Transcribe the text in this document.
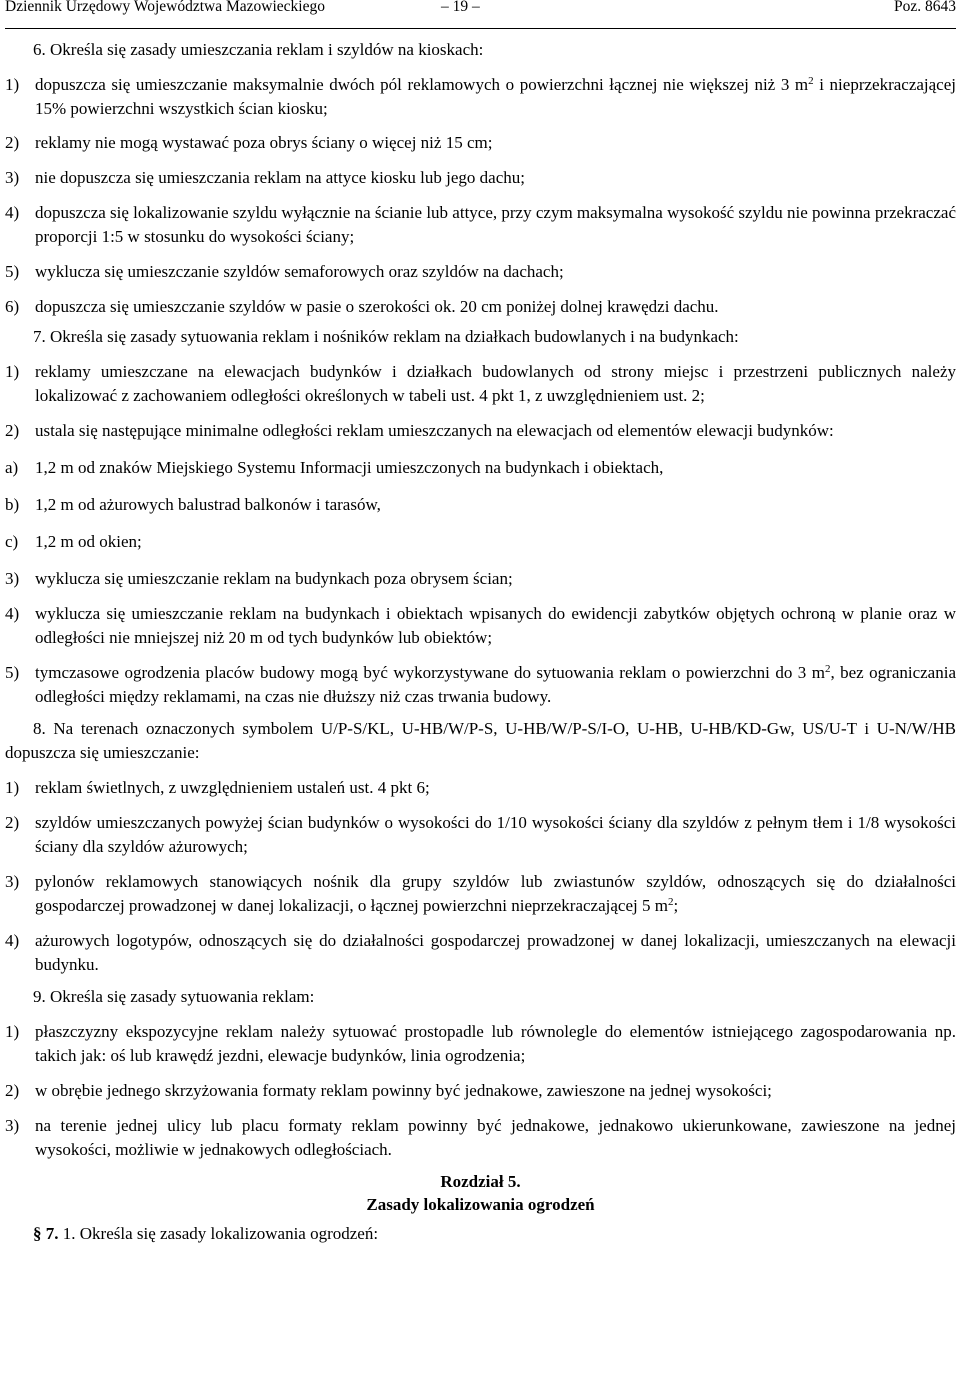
Dziennik Urzędowy Województwa Mazowieckiego	– 19 –	Poz. 8643

6. Określa się zasady umieszczania reklam i szyldów na kioskach:

1) dopuszcza się umieszczanie maksymalnie dwóch pól reklamowych o powierzchni łącznej nie większej niż 3 $m^2$ i nieprzekraczającej 15% powierzchni wszystkich ścian kiosku;
2) reklamy nie mogą wystawać poza obrys ściany o więcej niż 15 cm;
3) nie dopuszcza się umieszczania reklam na attyce kiosku lub jego dachu;
4) dopuszcza się lokalizowanie szyldu wyłącznie na ścianie lub attyce, przy czym maksymalna wysokość szyldu nie powinna przekraczać proporcji 1:5 w stosunku do wysokości ściany;
5) wyklucza się umieszczanie szyldów semaforowych oraz szyldów na dachach;
6) dopuszcza się umieszczanie szyldów w pasie o szerokości ok. 20 cm poniżej dolnej krawędzi dachu.

7. Określa się zasady sytuowania reklam i nośników reklam na działkach budowlanych i na budynkach:

1) reklamy umieszczane na elewacjach budynków i działkach budowlanych od strony miejsc i przestrzeni publicznych należy lokalizować z zachowaniem odległości określonych w tabeli ust. 4 pkt 1, z uwzględnieniem ust. 2;
2) ustala się następujące minimalne odległości reklam umieszczanych na elewacjach od elementów elewacji budynków:
a) 1,2 m od znaków Miejskiego Systemu Informacji umieszczonych na budynkach i obiektach,
b) 1,2 m od ażurowych balustrad balkonów i tarasów,
c) 1,2 m od okien;
3) wyklucza się umieszczanie reklam na budynkach poza obrysem ścian;
4) wyklucza się umieszczanie reklam na budynkach i obiektach wpisanych do ewidencji zabytków objętych ochroną w planie oraz w odległości nie mniejszej niż 20 m od tych budynków lub obiektów;
5) tymczasowe ogrodzenia placów budowy mogą być wykorzystywane do sytuowania reklam o powierzchni do 3 $m^2$, bez ograniczania odległości między reklamami, na czas nie dłuższy niż czas trwania budowy.

8. Na terenach oznaczonych symbolem U/P-S/KL, U-HB/W/P-S, U-HB/W/P-S/I-O, U-HB, U-HB/KD-Gw, US/U-T i U-N/W/HB dopuszcza się umieszczanie:

1) reklam świetlnych, z uwzględnieniem ustaleń ust. 4 pkt 6;
2) szyldów umieszczanych powyżej ścian budynków o wysokości do 1/10 wysokości ściany dla szyldów z pełnym tłem i 1/8 wysokości ściany dla szyldów ażurowych;
3) pylonów reklamowych stanowiących nośnik dla grupy szyldów lub zwiastunów szyldów, odnoszących się do działalności gospodarczej prowadzonej w danej lokalizacji, o łącznej powierzchni nieprzekraczającej 5 $m^2$;
4) ażurowych logotypów, odnoszących się do działalności gospodarczej prowadzonej w danej lokalizacji, umieszczanych na elewacji budynku.

9. Określa się zasady sytuowania reklam:

1) płaszczyzny ekspozycyjne reklam należy sytuować prostopadle lub równolegle do elementów istniejącego zagospodarowania np. takich jak: oś lub krawędź jezdni, elewacje budynków, linia ogrodzenia;
2) w obrębie jednego skrzyżowania formaty reklam powinny być jednakowe, zawieszone na jednej wysokości;
3) na terenie jednej ulicy lub placu formaty reklam powinny być jednakowe, jednakowo ukierunkowane, zawieszone na jednej wysokości, możliwie w jednakowych odległościach.

Rozdział 5.

Zasady lokalizowania ogrodzeń

§ 7. 1. Określa się zasady lokalizowania ogrodzeń:
